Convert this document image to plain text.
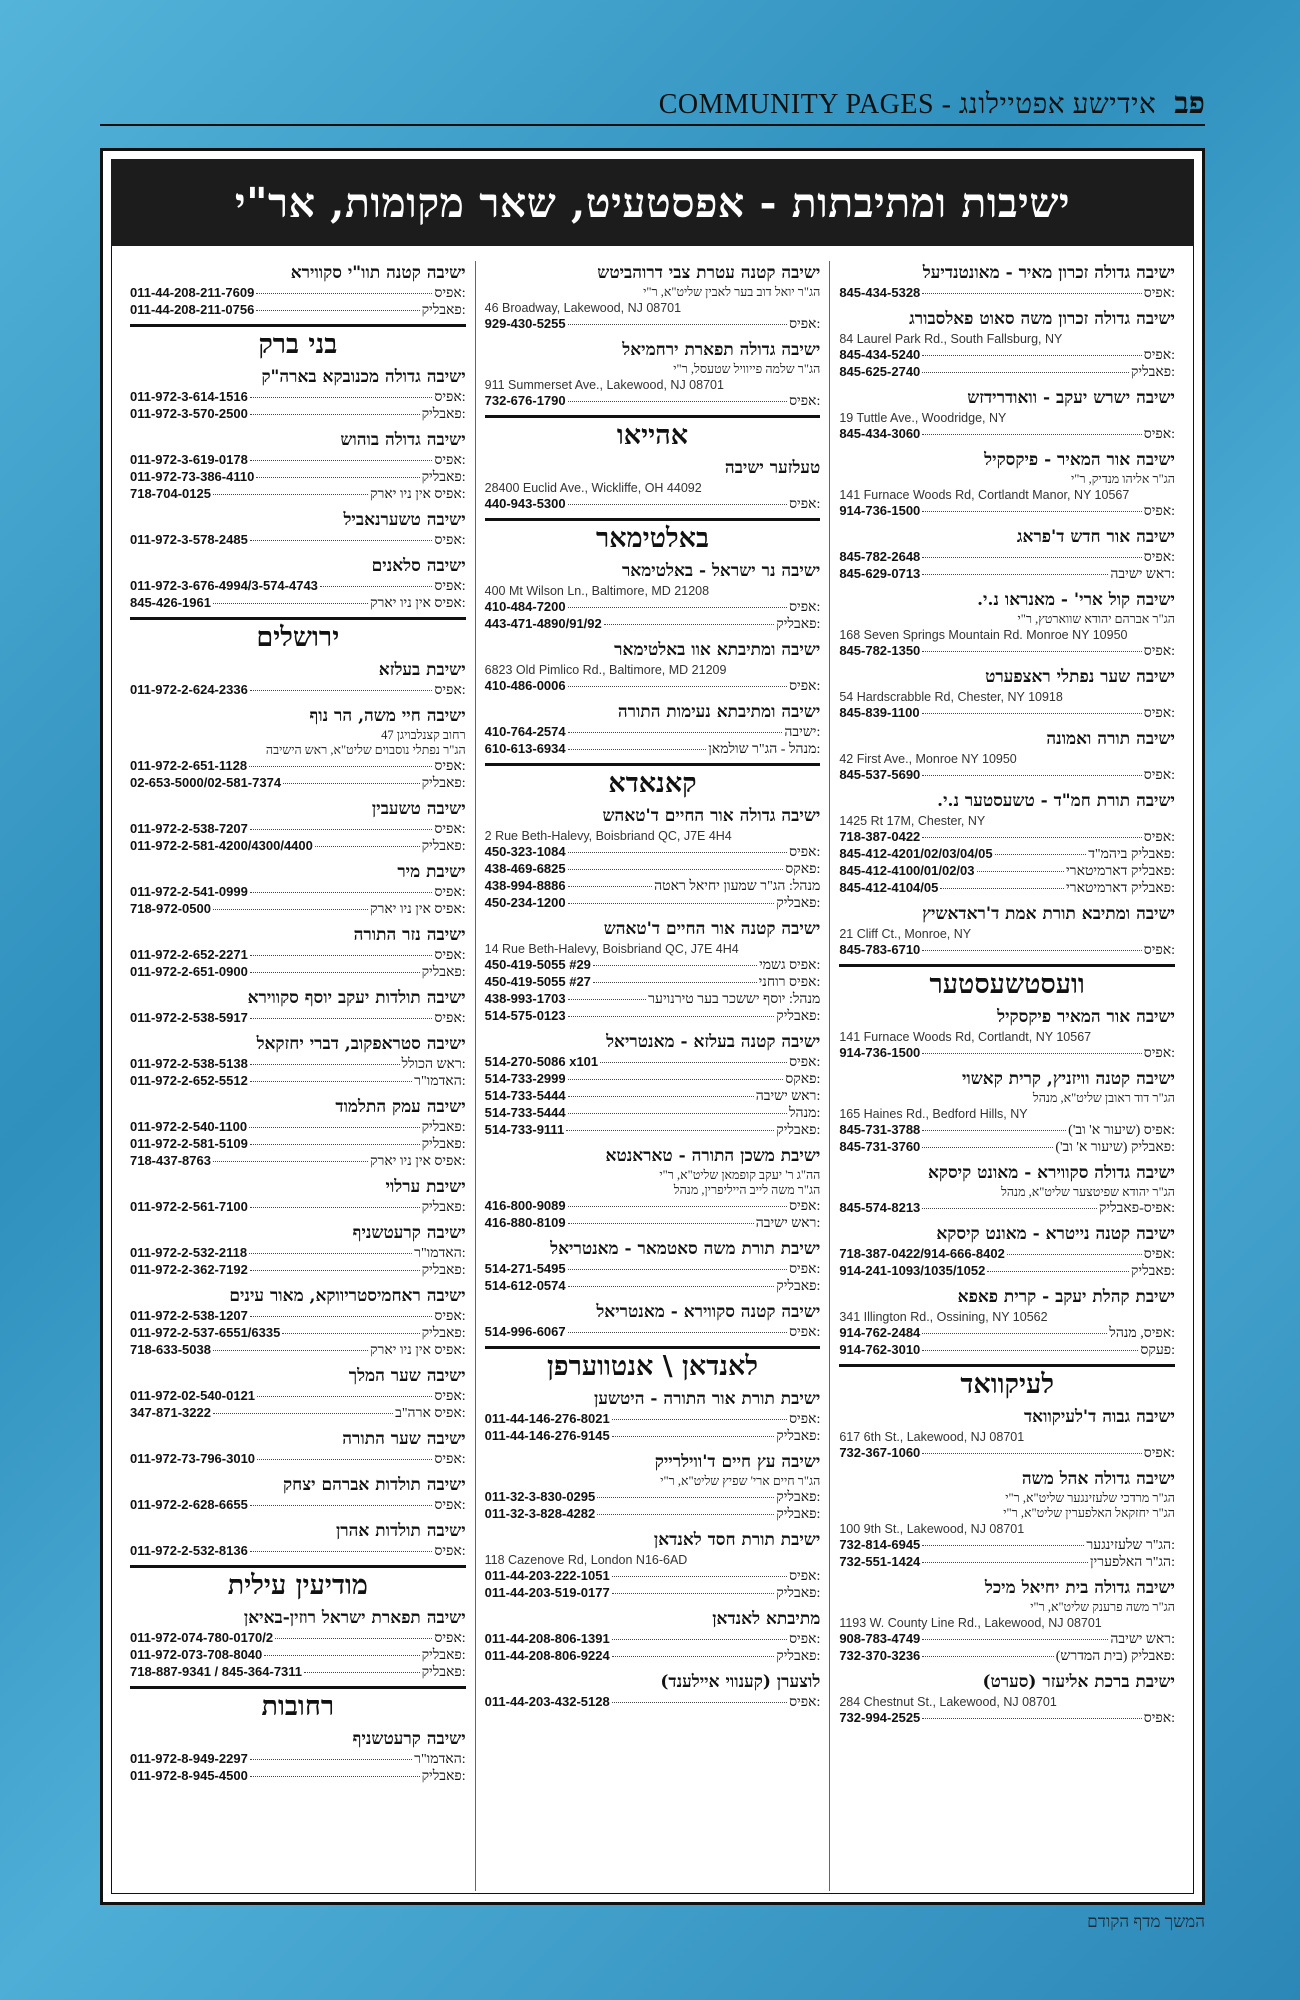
COMMUNITY PAGES - אידישע אפטיילונג פב
ישיבות ומתיבתות - אפסטעיט, שאר מקומות, אר"י
ישיבה גדולה זכרון מאיר - מאונטנדיעל
845-434-5328	אפיס:
ישיבה גדולה זכרון משה סאוט פאלסבורג
84 Laurel Park Rd., South Fallsburg, NY
845-434-5240	אפיס:
845-625-2740	פאבליק:
ישיבה ישרש יעקב - וואודרידזש
19 Tuttle Ave., Woodridge, NY
845-434-3060	אפיס:
ישיבה אור המאיר - פיקסקיל
הג"ר אליהו מנדיק, ר"י
141 Furnace Woods Rd, Cortlandt Manor, NY 10567
914-736-1500	אפיס:
ישיבה אור חדש ד'פראג
845-782-2648	אפיס:
845-629-0713	ראש ישיבה:
ישיבה קול ארי' - מאנראו נ.י.
הג"ר אברהם יהודא שווארטץ, ר"י
168 Seven Springs Mountain Rd. Monroe NY 10950
845-782-1350	אפיס:
ישיבה שער נפתלי ראצפערט
54 Hardscrabble Rd, Chester, NY 10918
845-839-1100	אפיס:
ישיבה תורה ואמונה
42 First Ave., Monroe NY 10950
845-537-5690	אפיס:
ישיבה תורת חמ"ד - טשעסטער נ.י.
1425 Rt 17M, Chester, NY
718-387-0422	אפיס:
845-412-4201/02/03/04/05	פאבליק ביהמ"ד:
845-412-4100/01/02/03	פאבליק דארמיטארי:
845-412-4104/05	פאבליק דארמיטארי:
ישיבה ומתיבא תורת אמת ד'ראדאשיץ
21 Cliff Ct., Monroe, NY
845-783-6710	אפיס:
וועסטשעסטער
ישיבה אור המאיר פיקסקיל
141 Furnace Woods Rd, Cortlandt, NY 10567
914-736-1500	אפיס:
ישיבה קטנה וויזניץ, קרית קאשוי
הג"ר דוד ראובן שליט"א, מנהל
165 Haines Rd., Bedford Hills, NY
845-731-3788	אפיס (שיעור א' וב'):
845-731-3760	פאבליק (שיעור א' וב'):
ישיבה גדולה סקווירא - מאונט קיסקא
הג"ר יהודא שפיטצער שליט"א, מנהל
845-574-8213	אפיס-פאבליק:
ישיבה קטנה נייטרא - מאונט קיסקא
718-387-0422/914-666-8402	אפיס:
914-241-1093/1035/1052	פאבליק:
ישיבת קהלת יעקב - קרית פאפא
341 Illington Rd., Ossining, NY 10562
914-762-2484	אפיס, מנהל:
914-762-3010	פעקס:
לעיקוואד
ישיבה גבוה ד'לעיקוואד
617 6th St., Lakewood, NJ 08701
732-367-1060	אפיס:
ישיבה גדולה אהל משה
הג"ר מרדכי שלעזינגער שליט"א, ר"י
הג"ר יחזקאל האלפערין שליט"א, ר"י
100 9th St., Lakewood, NJ 08701
732-814-6945	הג"ר שלעזינגער:
732-551-1424	הג"ר האלפערין:
ישיבה גדולה בית יחיאל מיכל
הג"ר משה פרענק שליט"א, ר"י
1193 W. County Line Rd., Lakewood, NJ 08701
908-783-4749	ראש ישיבה:
732-370-3236	פאבליק (בית המדרש):
ישיבת ברכת אליעזר (סערט)
284 Chestnut St., Lakewood, NJ 08701
732-994-2525	אפיס:
ישיבה קטנה עטרת צבי דרוהביטש
הג"ר יואל דוב בער לאבין שליט"א, ר"י
46 Broadway, Lakewood, NJ 08701
929-430-5255	אפיס:
ישיבה גדולה תפארת ירחמיאל
הג"ר שלמה פייוויל שטעסל, ר"י
911 Summerset Ave., Lakewood, NJ 08701
732-676-1790	אפיס:
אהייאו
טעלזער ישיבה
28400 Euclid Ave., Wickliffe, OH 44092
440-943-5300	אפיס:
באלטימאר
ישיבה נר ישראל - באלטימאר
400 Mt Wilson Ln., Baltimore, MD 21208
410-484-7200	אפיס:
443-471-4890/91/92	פאבליק:
ישיבה ומתיבתא אוו באלטימאר
6823 Old Pimlico Rd., Baltimore, MD 21209
410-486-0006	אפיס:
ישיבה ומתיבתא נעימות התורה
410-764-2574	ישיבה:
610-613-6934	מנהל - הג"ר שולמאן:
קאנאדא
ישיבה גדולה אור החיים ד'טאהש
2 Rue Beth-Halevy, Boisbriand QC, J7E 4H4
450-323-1084	אפיס:
438-469-6825	פאקס:
438-994-8886	מנהל: הג"ר שמעון יחיאל ראטה
450-234-1200	פאבליק:
ישיבה קטנה אור החיים ד'טאהש
14 Rue Beth-Halevy, Boisbriand QC, J7E 4H4
450-419-5055 #29	אפיס גשמי:
450-419-5055 #27	אפיס רוחני:
438-993-1703	מנהל: יוסף יששכר בער טירנויער
514-575-0123	פאבליק:
ישיבה קטנה בעלזא - מאנטריאל
514-270-5086 x101	אפיס:
514-733-2999	פאקס:
514-733-5444	ראש ישיבה:
514-733-5444	מנהל:
514-733-9111	פאבליק:
ישיבת משכן התורה - טאראנטא
הה"ג ר' יעקב קופמאן שליט"א, ר"י
הג"ר משה לייב הייליפרין, מנהל
416-800-9089	אפיס:
416-880-8109	ראש ישיבה:
ישיבת תורת משה סאטמאר - מאנטריאל
514-271-5495	אפיס:
514-612-0574	פאבליק:
ישיבה קטנה סקווירא - מאנטריאל
514-996-6067	אפיס:
לאנדאן \ אנטווערפן
ישיבת תורת אור התורה - היטשען
011-44-146-276-8021	אפיס:
011-44-146-276-9145	פאבליק:
ישיבה עץ חיים ד'ווילרייק
הג"ר חיים ארי' שפיץ שליט"א, ר"י
011-32-3-830-0295	פאבליק:
011-32-3-828-4282	פאבליק:
ישיבת תורת חסד לאנדאן
118 Cazenove Rd, London N16-6AD
011-44-203-222-1051	אפיס:
011-44-203-519-0177	פאבליק:
מתיבתא לאנדאן
011-44-208-806-1391	אפיס:
011-44-208-806-9224	פאבליק:
לוצערן (קענווי איילענד)
011-44-203-432-5128	אפיס:
ישיבה קטנה תוו"י סקווירא
011-44-208-211-7609	אפיס:
011-44-208-211-0756	פאבליק:
בני ברק
ישיבה גדולה מכנובקא בארה"ק
011-972-3-614-1516	אפיס:
011-972-3-570-2500	פאבליק:
ישיבה גדולה בוהוש
011-972-3-619-0178	אפיס:
011-972-73-386-4110	פאבליק:
718-704-0125	אפיס אין ניו יארק:
ישיבה טשערנאביל
011-972-3-578-2485	אפיס:
ישיבה סלאנים
011-972-3-676-4994/3-574-4743	אפיס:
845-426-1961	אפיס אין ניו יארק:
ירושלים
ישיבת בעלזא
011-972-2-624-2336	אפיס:
ישיבה חיי משה, הר נוף
רחוב קצנלבויגן 47
הג"ר נפתלי נוסבוים שליט"א, ראש הישיבה
011-972-2-651-1128	אפיס:
02-653-5000/02-581-7374	פאבליק:
ישיבה טשעבין
011-972-2-538-7207	אפיס:
011-972-2-581-4200/4300/4400	פאבליק:
ישיבת מיר
011-972-2-541-0999	אפיס:
718-972-0500	אפיס אין ניו יארק:
ישיבה נזר התורה
011-972-2-652-2271	אפיס:
011-972-2-651-0900	פאבליק:
ישיבה תולדות יעקב יוסף סקווירא
011-972-2-538-5917	אפיס:
ישיבה סטראפקוב, דברי יחזקאל
011-972-2-538-5138	ראש הכולל:
011-972-2-652-5512	האדמו"ר:
ישיבה עמק התלמוד
011-972-2-540-1100	פאבליק:
011-972-2-581-5109	פאבליק:
718-437-8763	אפיס אין ניו יארק:
ישיבת ערלוי
011-972-2-561-7100	פאבליק:
ישיבה קרעטשניף
011-972-2-532-2118	האדמו"ר:
011-972-2-362-7192	פאבליק:
ישיבה ראחמיסטריווקא, מאור עינים
011-972-2-538-1207	אפיס:
011-972-2-537-6551/6335	פאבליק:
718-633-5038	אפיס אין ניו יארק:
ישיבה שער המלך
011-972-02-540-0121	אפיס:
347-871-3222	אפיס ארה"ב:
ישיבה שער התורה
011-972-73-796-3010	אפיס:
ישיבה תולדות אברהם יצחק
011-972-2-628-6655	אפיס:
ישיבה תולדות אהרן
011-972-2-532-8136	אפיס:
מודיעין עילית
ישיבה תפארת ישראל רוזין-באיאן
011-972-074-780-0170/2	אפיס:
011-972-073-708-8040	פאבליק:
718-887-9341 / 845-364-7311	פאבליק:
רחובות
ישיבה קרעטשניף
011-972-8-949-2297	האדמו"ר:
011-972-8-945-4500	פאבליק:
המשך מדף הקודם
